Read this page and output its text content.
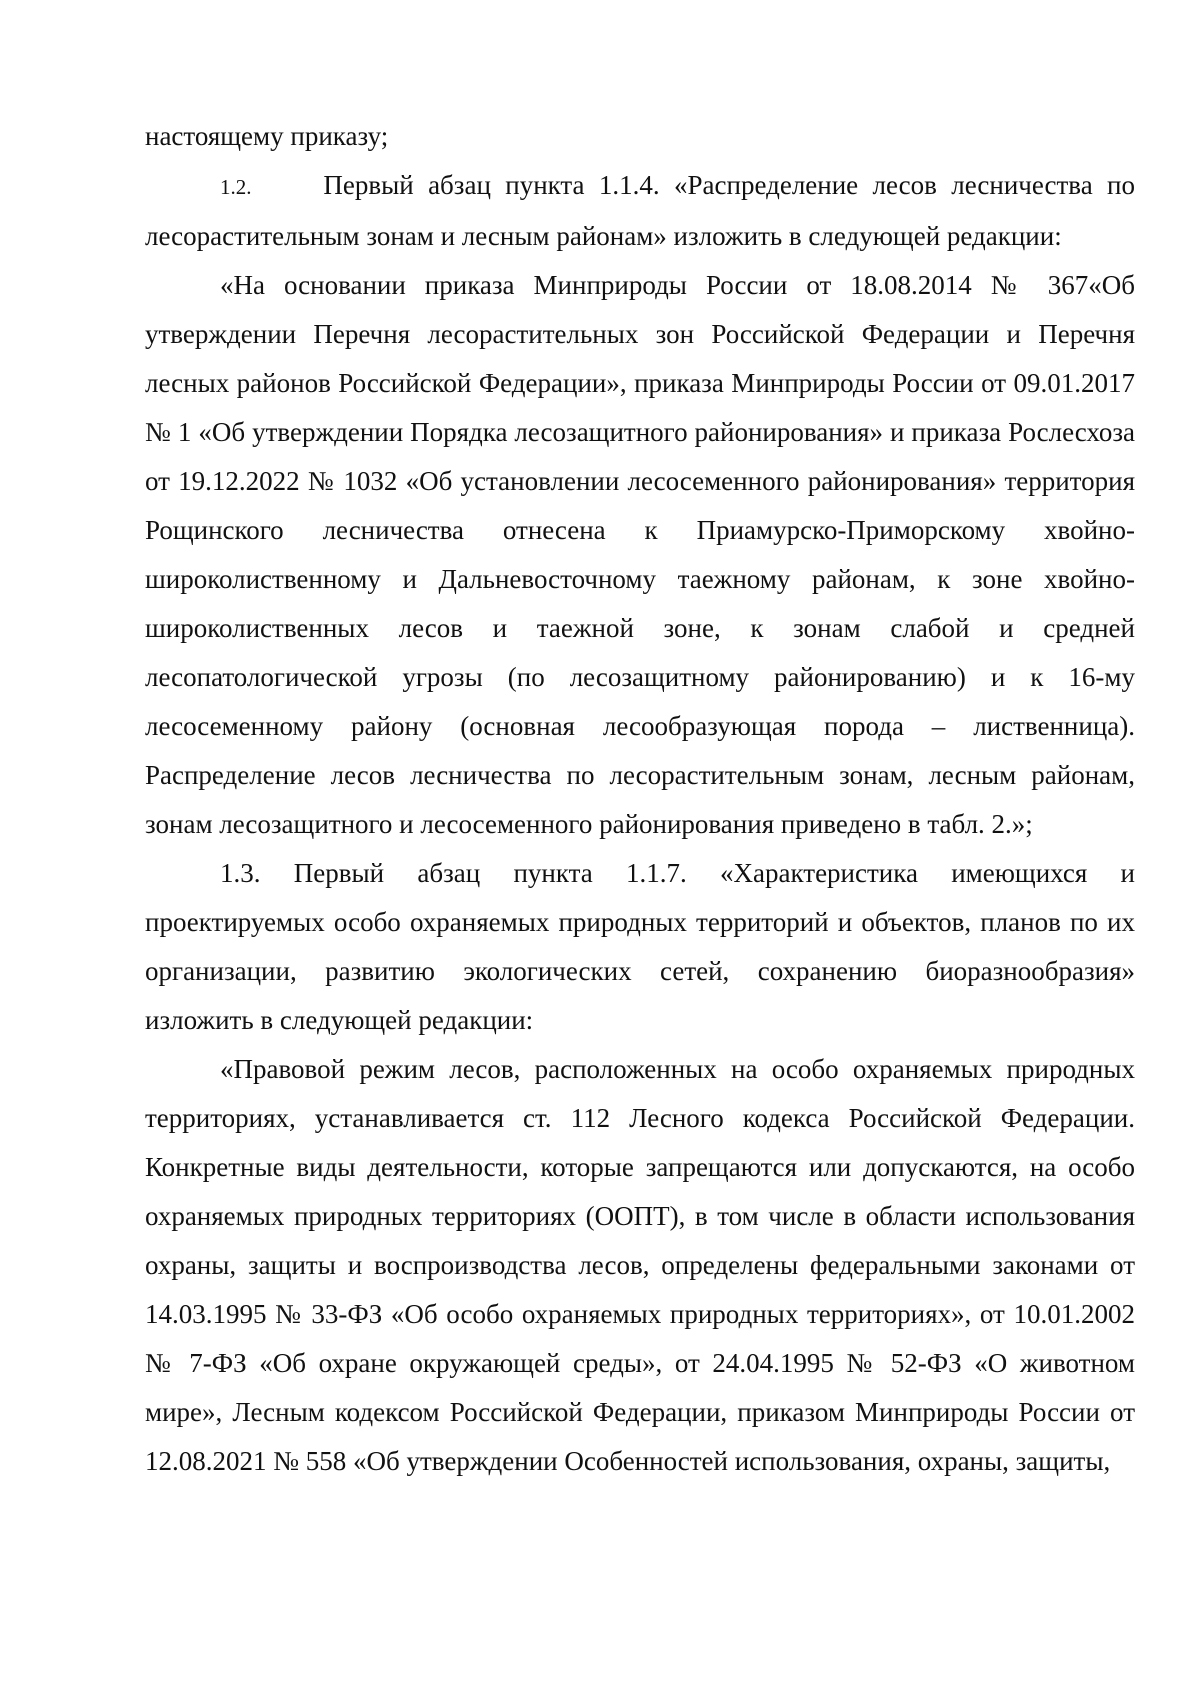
настоящему приказу;

1.2.	Первый абзац пункта 1.1.4. «Распределение лесов лесничества по лесорастительным зонам и лесным районам» изложить в следующей редакции:

«На основании приказа Минприроды России от 18.08.2014 № 367«Об утверждении Перечня лесорастительных зон Российской Федерации и Перечня лесных районов Российской Федерации», приказа Минприроды России от 09.01.2017 № 1 «Об утверждении Порядка лесозащитного районирования» и приказа Рослесхоза от 19.12.2022 № 1032 «Об установлении лесосеменного районирования» территория Рощинского лесничества отнесена к Приамурско-Приморскому хвойно-широколиственному и Дальневосточному таежному районам, к зоне хвойно-широколиственных лесов и таежной зоне, к зонам слабой и средней лесопатологической угрозы (по лесозащитному районированию) и к 16-му лесосеменному району (основная лесообразующая порода – лиственница). Распределение лесов лесничества по лесорастительным зонам, лесным районам, зонам лесозащитного и лесосеменного районирования приведено в табл. 2.»;

1.3. Первый абзац пункта 1.1.7. «Характеристика имеющихся и проектируемых особо охраняемых природных территорий и объектов, планов по их организации, развитию экологических сетей, сохранению биоразнообразия» изложить в следующей редакции:

«Правовой режим лесов, расположенных на особо охраняемых природных территориях, устанавливается ст. 112 Лесного кодекса Российской Федерации. Конкретные виды деятельности, которые запрещаются или допускаются, на особо охраняемых природных территориях (ООПТ), в том числе в области использования охраны, защиты и воспроизводства лесов, определены федеральными законами от 14.03.1995 № 33-ФЗ «Об особо охраняемых природных территориях», от 10.01.2002 № 7-ФЗ «Об охране окружающей среды», от 24.04.1995 № 52-ФЗ «О животном мире», Лесным кодексом Российской Федерации, приказом Минприроды России от 12.08.2021 № 558 «Об утверждении Особенностей использования, охраны, защиты,
